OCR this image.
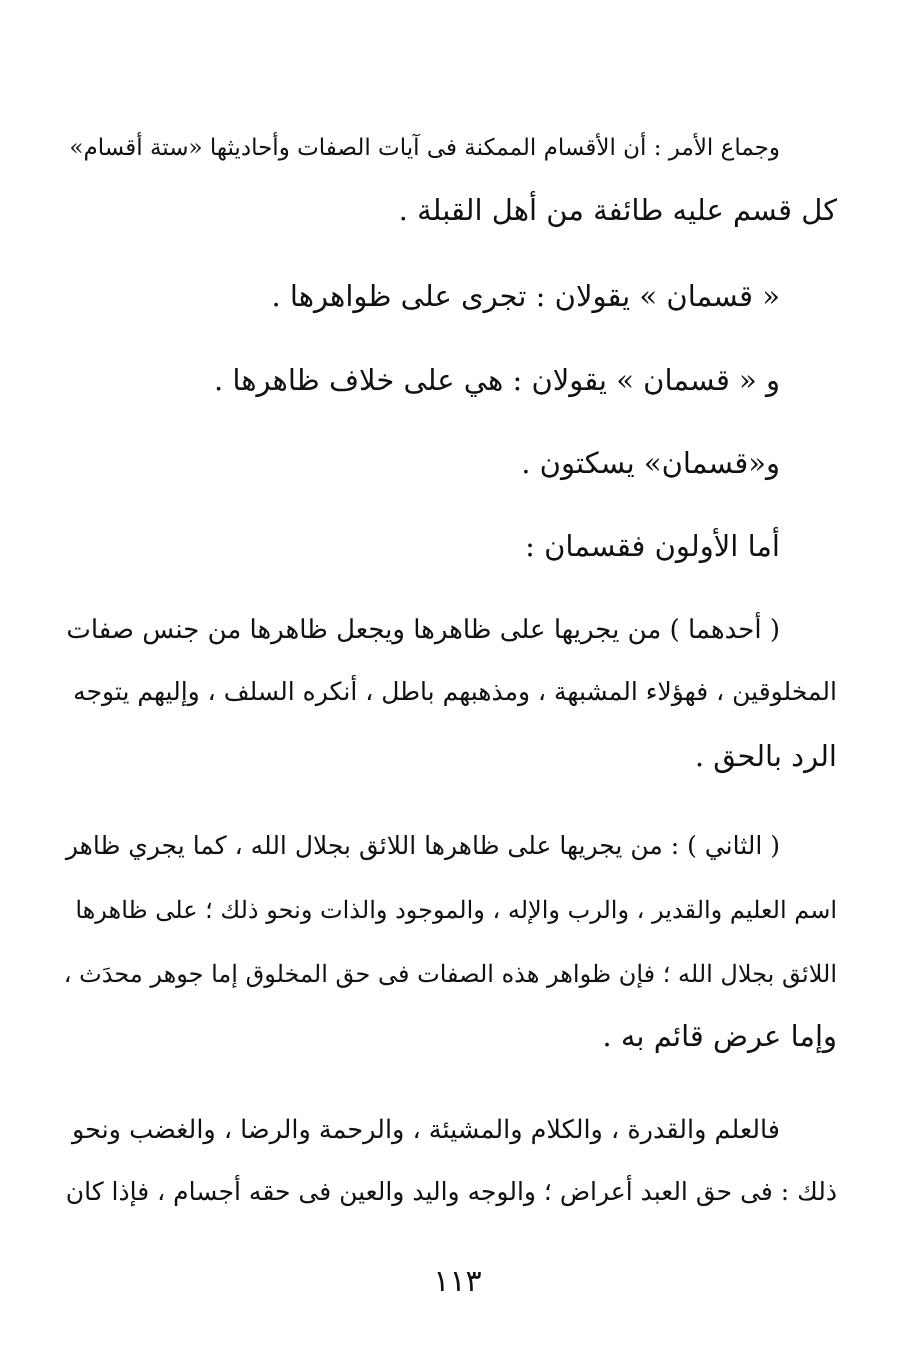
وجماع الأمر : أن الأقسام الممكنة فى آيات الصفات وأحاديثها «ستة أقسام»
كل قسم عليه طائفة من أهل القبلة .
« قسمان » يقولان : تجرى على ظواهرها .
و « قسمان » يقولان : هي على خلاف ظاهرها .
و«قسمان» يسكتون .
أما الأولون فقسمان :
( أحدهما ) من يجريها على ظاهرها ويجعل ظاهرها من جنس صفات
المخلوقين ، فهؤلاء المشبهة ، ومذهبهم باطل ، أنكره السلف ، وإليهم يتوجه
الرد بالحق .
( الثاني ) : من يجريها على ظاهرها اللائق بجلال الله ، كما يجري ظاهر
اسم العليم والقدير ، والرب والإله ، والموجود والذات ونحو ذلك ؛ على ظاهرها
اللائق بجلال الله ؛ فإن ظواهر هذه الصفات فى حق المخلوق إما جوهر محدَث ،
وإما عرض قائم به .
فالعلم والقدرة ، والكلام والمشيئة ، والرحمة والرضا ، والغضب ونحو
ذلك : فى حق العبد أعراض ؛ والوجه واليد والعين فى حقه أجسام ، فإذا كان
١١٣
